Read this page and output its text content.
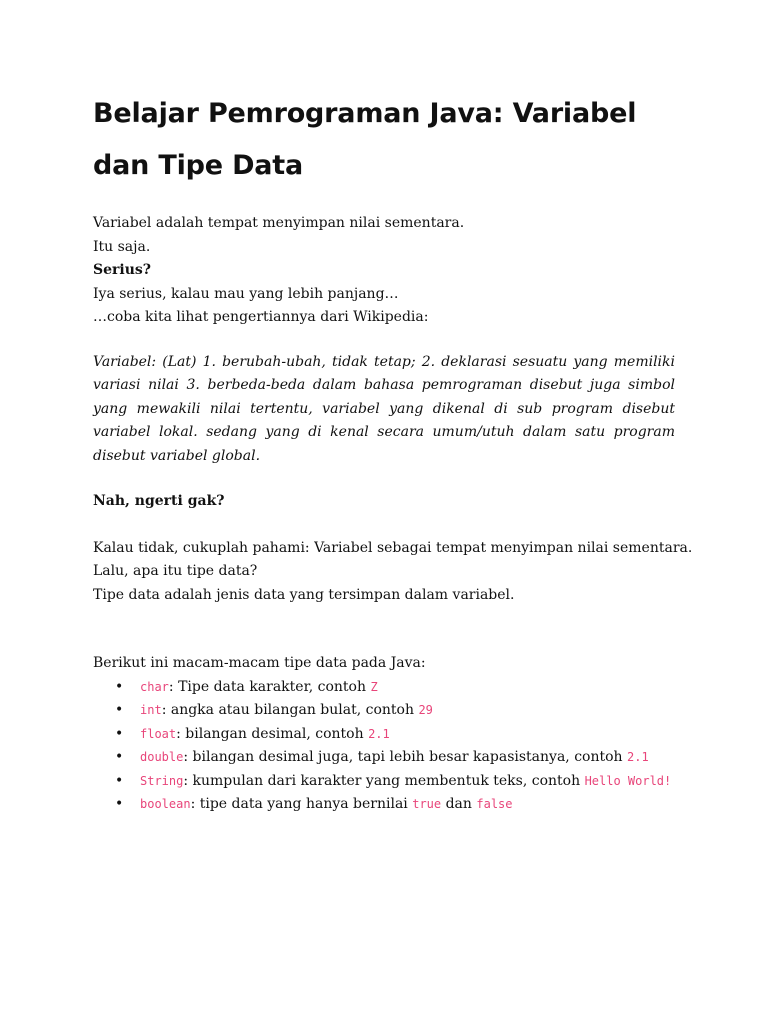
Belajar Pemrograman Java: Variabel dan Tipe Data
Variabel adalah tempat menyimpan nilai sementara.
Itu saja.
Serius?
Iya serius, kalau mau yang lebih panjang…
…coba kita lihat pengertiannya dari Wikipedia:
Variabel: (Lat) 1. berubah-ubah, tidak tetap; 2. deklarasi sesuatu yang memiliki variasi nilai 3. berbeda-beda dalam bahasa pemrograman disebut juga simbol yang mewakili nilai tertentu, variabel yang dikenal di sub program disebut variabel lokal. sedang yang di kenal secara umum/utuh dalam satu program disebut variabel global.
Nah, ngerti gak?
Kalau tidak, cukuplah pahami: Variabel sebagai tempat menyimpan nilai sementara.
Lalu, apa itu tipe data?
Tipe data adalah jenis data yang tersimpan dalam variabel.
Berikut ini macam-macam tipe data pada Java:
• char: Tipe data karakter, contoh Z
• int: angka atau bilangan bulat, contoh 29
• float: bilangan desimal, contoh 2.1
• double: bilangan desimal juga, tapi lebih besar kapasistanya, contoh 2.1
• String: kumpulan dari karakter yang membentuk teks, contoh Hello World!
• boolean: tipe data yang hanya bernilai true dan false
